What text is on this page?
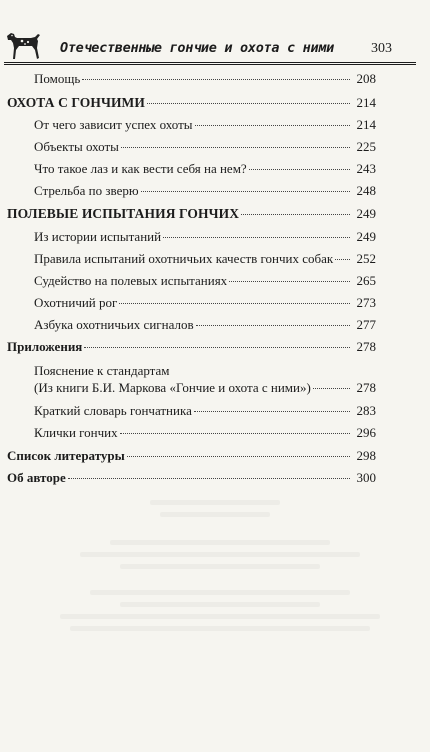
Отечественные гончие и охота с ними	303
Помощь	208
ОХОТА С ГОНЧИМИ	214
От чего зависит успех охоты	214
Объекты охоты	225
Что такое лаз и как вести себя на нем?	243
Стрельба по зверю	248
ПОЛЕВЫЕ ИСПЫТАНИЯ ГОНЧИХ	249
Из истории испытаний	249
Правила испытаний охотничьих качеств гончих собак	252
Судейство на полевых испытаниях	265
Охотничий рог	273
Азбука охотничьих сигналов	277
Приложения	278
Пояснение к стандартам
(Из книги Б.И. Маркова «Гончие и охота с ними»)	278
Краткий словарь гончатника	283
Клички гончих	296
Список литературы	298
Об авторе	300
